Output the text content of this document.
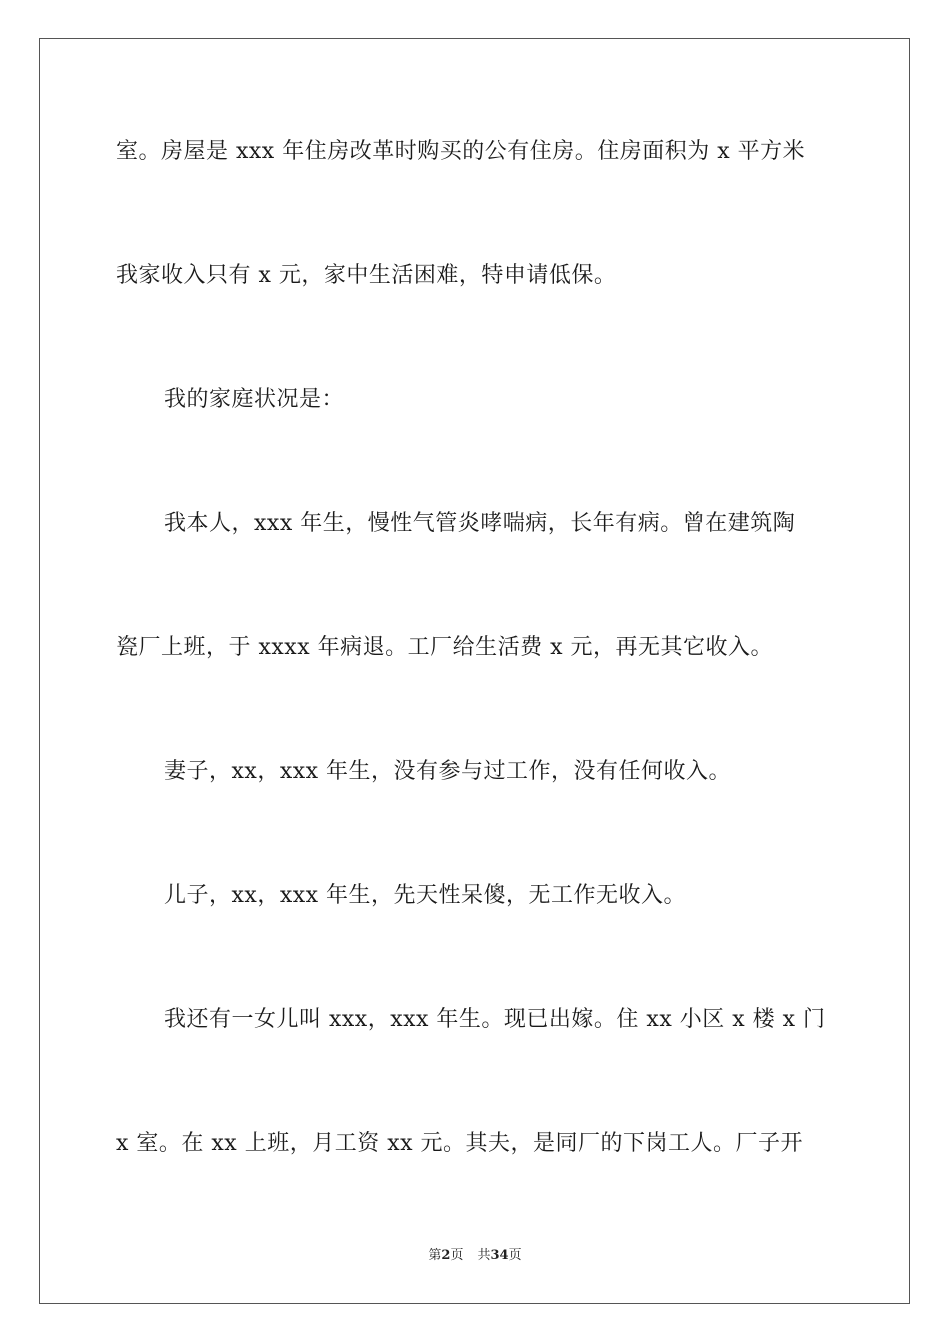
室。房屋是 xxx 年住房改革时购买的公有住房。住房面积为 x 平方米
我家收入只有 x 元，家中生活困难，特申请低保。
我的家庭状况是：
我本人，xxx 年生，慢性气管炎哮喘病，长年有病。曾在建筑陶
瓷厂上班，于 xxxx 年病退。工厂给生活费 x 元，再无其它收入。
妻子，xx，xxx 年生，没有参与过工作，没有任何收入。
儿子，xx，xxx 年生，先天性呆傻，无工作无收入。
我还有一女儿叫 xxx，xxx 年生。现已出嫁。住 xx 小区 x 楼 x 门
x 室。在 xx 上班，月工资 xx 元。其夫，是同厂的下岗工人。厂子开
第2页 共34页
